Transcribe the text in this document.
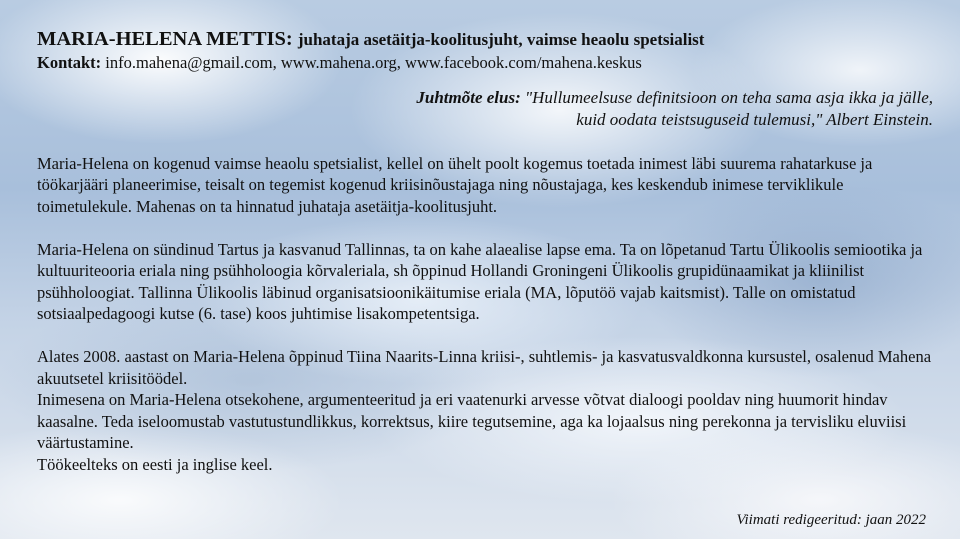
MARIA-HELENA METTIS: juhataja asetäitja-koolitusjuht, vaimse heaolu spetsialist

Kontakt: info.mahena@gmail.com, www.mahena.org, www.facebook.com/mahena.keskus

Juhtmõte elus: "Hullumeelsuse definitsioon on teha sama asja ikka ja jälle,
kuid oodata teistsuguseid tulemusi," Albert Einstein.

Maria-Helena on kogenud vaimse heaolu spetsialist, kellel on ühelt poolt kogemus toetada inimest läbi suurema rahatarkuse ja töökarjääri planeerimise, teisalt on tegemist kogenud kriisinõustajaga ning nõustajaga, kes keskendub inimese terviklikule toimetulekule. Mahenas on ta hinnatud juhataja asetäitja-koolitusjuht.

Maria-Helena on sündinud Tartus ja kasvanud Tallinnas, ta on kahe alaealise lapse ema. Ta on lõpetanud Tartu Ülikoolis semiootika ja kultuuriteooria eriala ning psühholoogia kõrvaleriala, sh õppinud Hollandi Groningeni Ülikoolis grupidünaamikat ja kliinilist psühholoogiat. Tallinna Ülikoolis läbinud organisatsioonikäitumise eriala (MA, lõputöö vajab kaitsmist). Talle on omistatud sotsiaalpedagoogi kutse (6. tase) koos juhtimise lisakompetentsiga.

Alates 2008. aastast on Maria-Helena õppinud Tiina Naarits-Linna kriisi-, suhtlemis- ja kasvatusvaldkonna kursustel, osalenud Mahena akuutsetel kriisitöödel.

Inimesena on Maria-Helena otsekohene, argumenteeritud ja eri vaatenurki arvesse võtvat dialoogi pooldav ning huumorit hindav kaasalne. Teda iseloomustab vastutustundlikkus, korrektsus, kiire tegutsemine, aga ka lojaalsus ning perekonna ja tervisliku eluviisi väärtustamine.

Töökeelteks on eesti ja inglise keel.

Viimati redigeeritud: jaan 2022
